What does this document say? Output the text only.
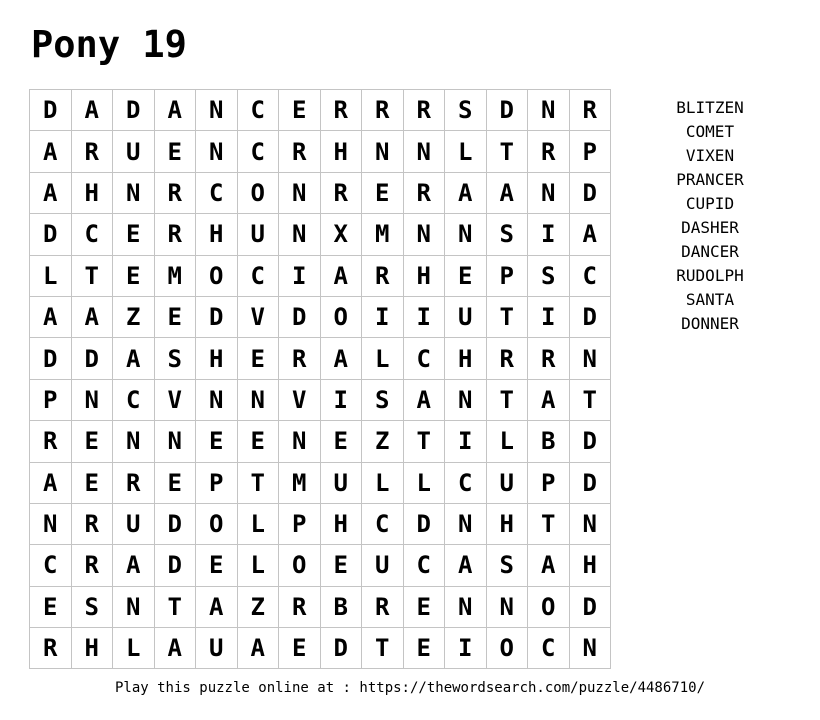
Pony 19
D	A	D	A	N	C	E	R	R	R	S	D	N	R
A	R	U	E	N	C	R	H	N	N	L	T	R	P
A	H	N	R	C	O	N	R	E	R	A	A	N	D
D	C	E	R	H	U	N	X	M	N	N	S	I	A
L	T	E	M	O	C	I	A	R	H	E	P	S	C
A	A	Z	E	D	V	D	O	I	I	U	T	I	D
D	D	A	S	H	E	R	A	L	C	H	R	R	N
P	N	C	V	N	N	V	I	S	A	N	T	A	T
R	E	N	N	E	E	N	E	Z	T	I	L	B	D
A	E	R	E	P	T	M	U	L	L	C	U	P	D
N	R	U	D	O	L	P	H	C	D	N	H	T	N
C	R	A	D	E	L	O	E	U	C	A	S	A	H
E	S	N	T	A	Z	R	B	R	E	N	N	O	D
R	H	L	A	U	A	E	D	T	E	I	O	C	N
BLITZEN
COMET
VIXEN
PRANCER
CUPID
DASHER
DANCER
RUDOLPH
SANTA
DONNER
Play this puzzle online at : https://thewordsearch.com/puzzle/4486710/
